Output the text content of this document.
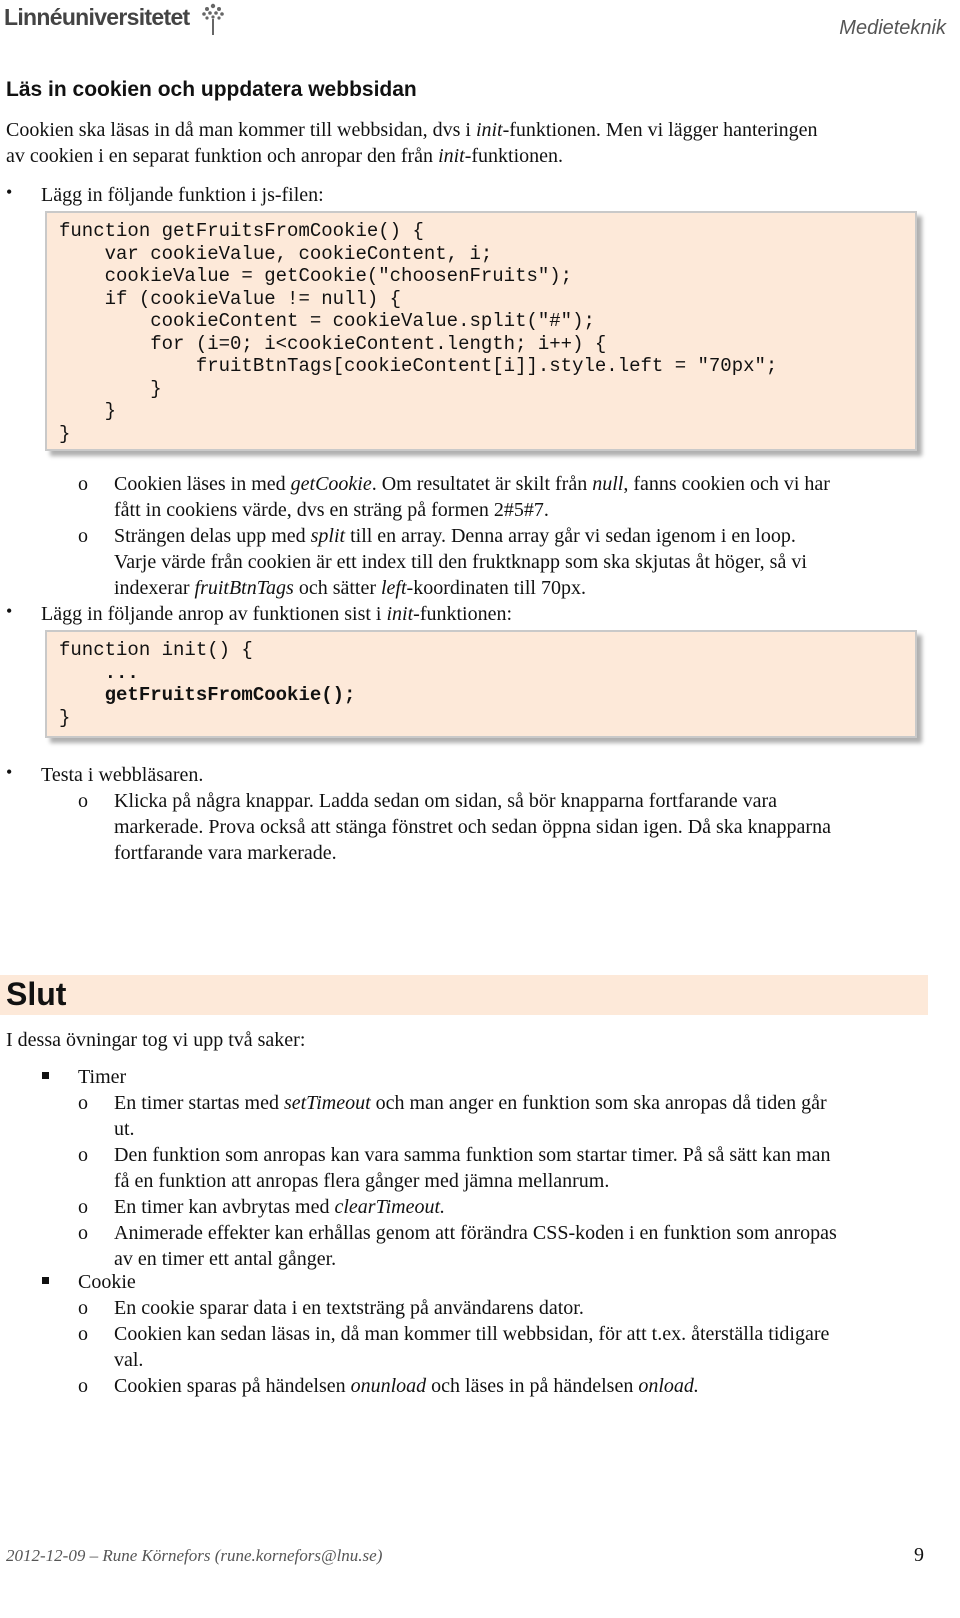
Linnéuniversitetet	Medieteknik
Läs in cookien och uppdatera webbsidan
Cookien ska läsas in då man kommer till webbsidan, dvs i init-funktionen. Men vi lägger hanteringen
av cookien i en separat funktion och anropar den från init-funktionen.
• Lägg in följande funktion i js-filen:
function getFruitsFromCookie() {
var cookieValue, cookieContent, i;
cookieValue = getCookie("choosenFruits");
if (cookieValue != null) {
cookieContent = cookieValue.split("#");
for (i=0; i<cookieContent.length; i++) {
fruitBtnTags[cookieContent[i]].style.left = "70px";
}
}
}
o Cookien läses in med getCookie. Om resultatet är skilt från null, fanns cookien och vi har
fått in cookiens värde, dvs en sträng på formen 2#5#7.
o Strängen delas upp med split till en array. Denna array går vi sedan igenom i en loop.
Varje värde från cookien är ett index till den fruktknapp som ska skjutas åt höger, så vi
indexerar fruitBtnTags och sätter left-koordinaten till 70px.
• Lägg in följande anrop av funktionen sist i init-funktionen:
function init() {
...
getFruitsFromCookie();
}
• Testa i webbläsaren.
o Klicka på några knappar. Ladda sedan om sidan, så bör knapparna fortfarande vara
markerade. Prova också att stänga fönstret och sedan öppna sidan igen. Då ska knapparna
fortfarande vara markerade.
Slut
I dessa övningar tog vi upp två saker:
Timer
o En timer startas med setTimeout och man anger en funktion som ska anropas då tiden går
ut.
o Den funktion som anropas kan vara samma funktion som startar timer. På så sätt kan man
få en funktion att anropas flera gånger med jämna mellanrum.
o En timer kan avbrytas med clearTimeout.
o Animerade effekter kan erhållas genom att förändra CSS-koden i en funktion som anropas
av en timer ett antal gånger.
Cookie
o En cookie sparar data i en textsträng på användarens dator.
o Cookien kan sedan läsas in, då man kommer till webbsidan, för att t.ex. återställa tidigare
val.
o Cookien sparas på händelsen onunload och läses in på händelsen onload.
2012-12-09 – Rune Körnefors (rune.kornefors@lnu.se)	9
